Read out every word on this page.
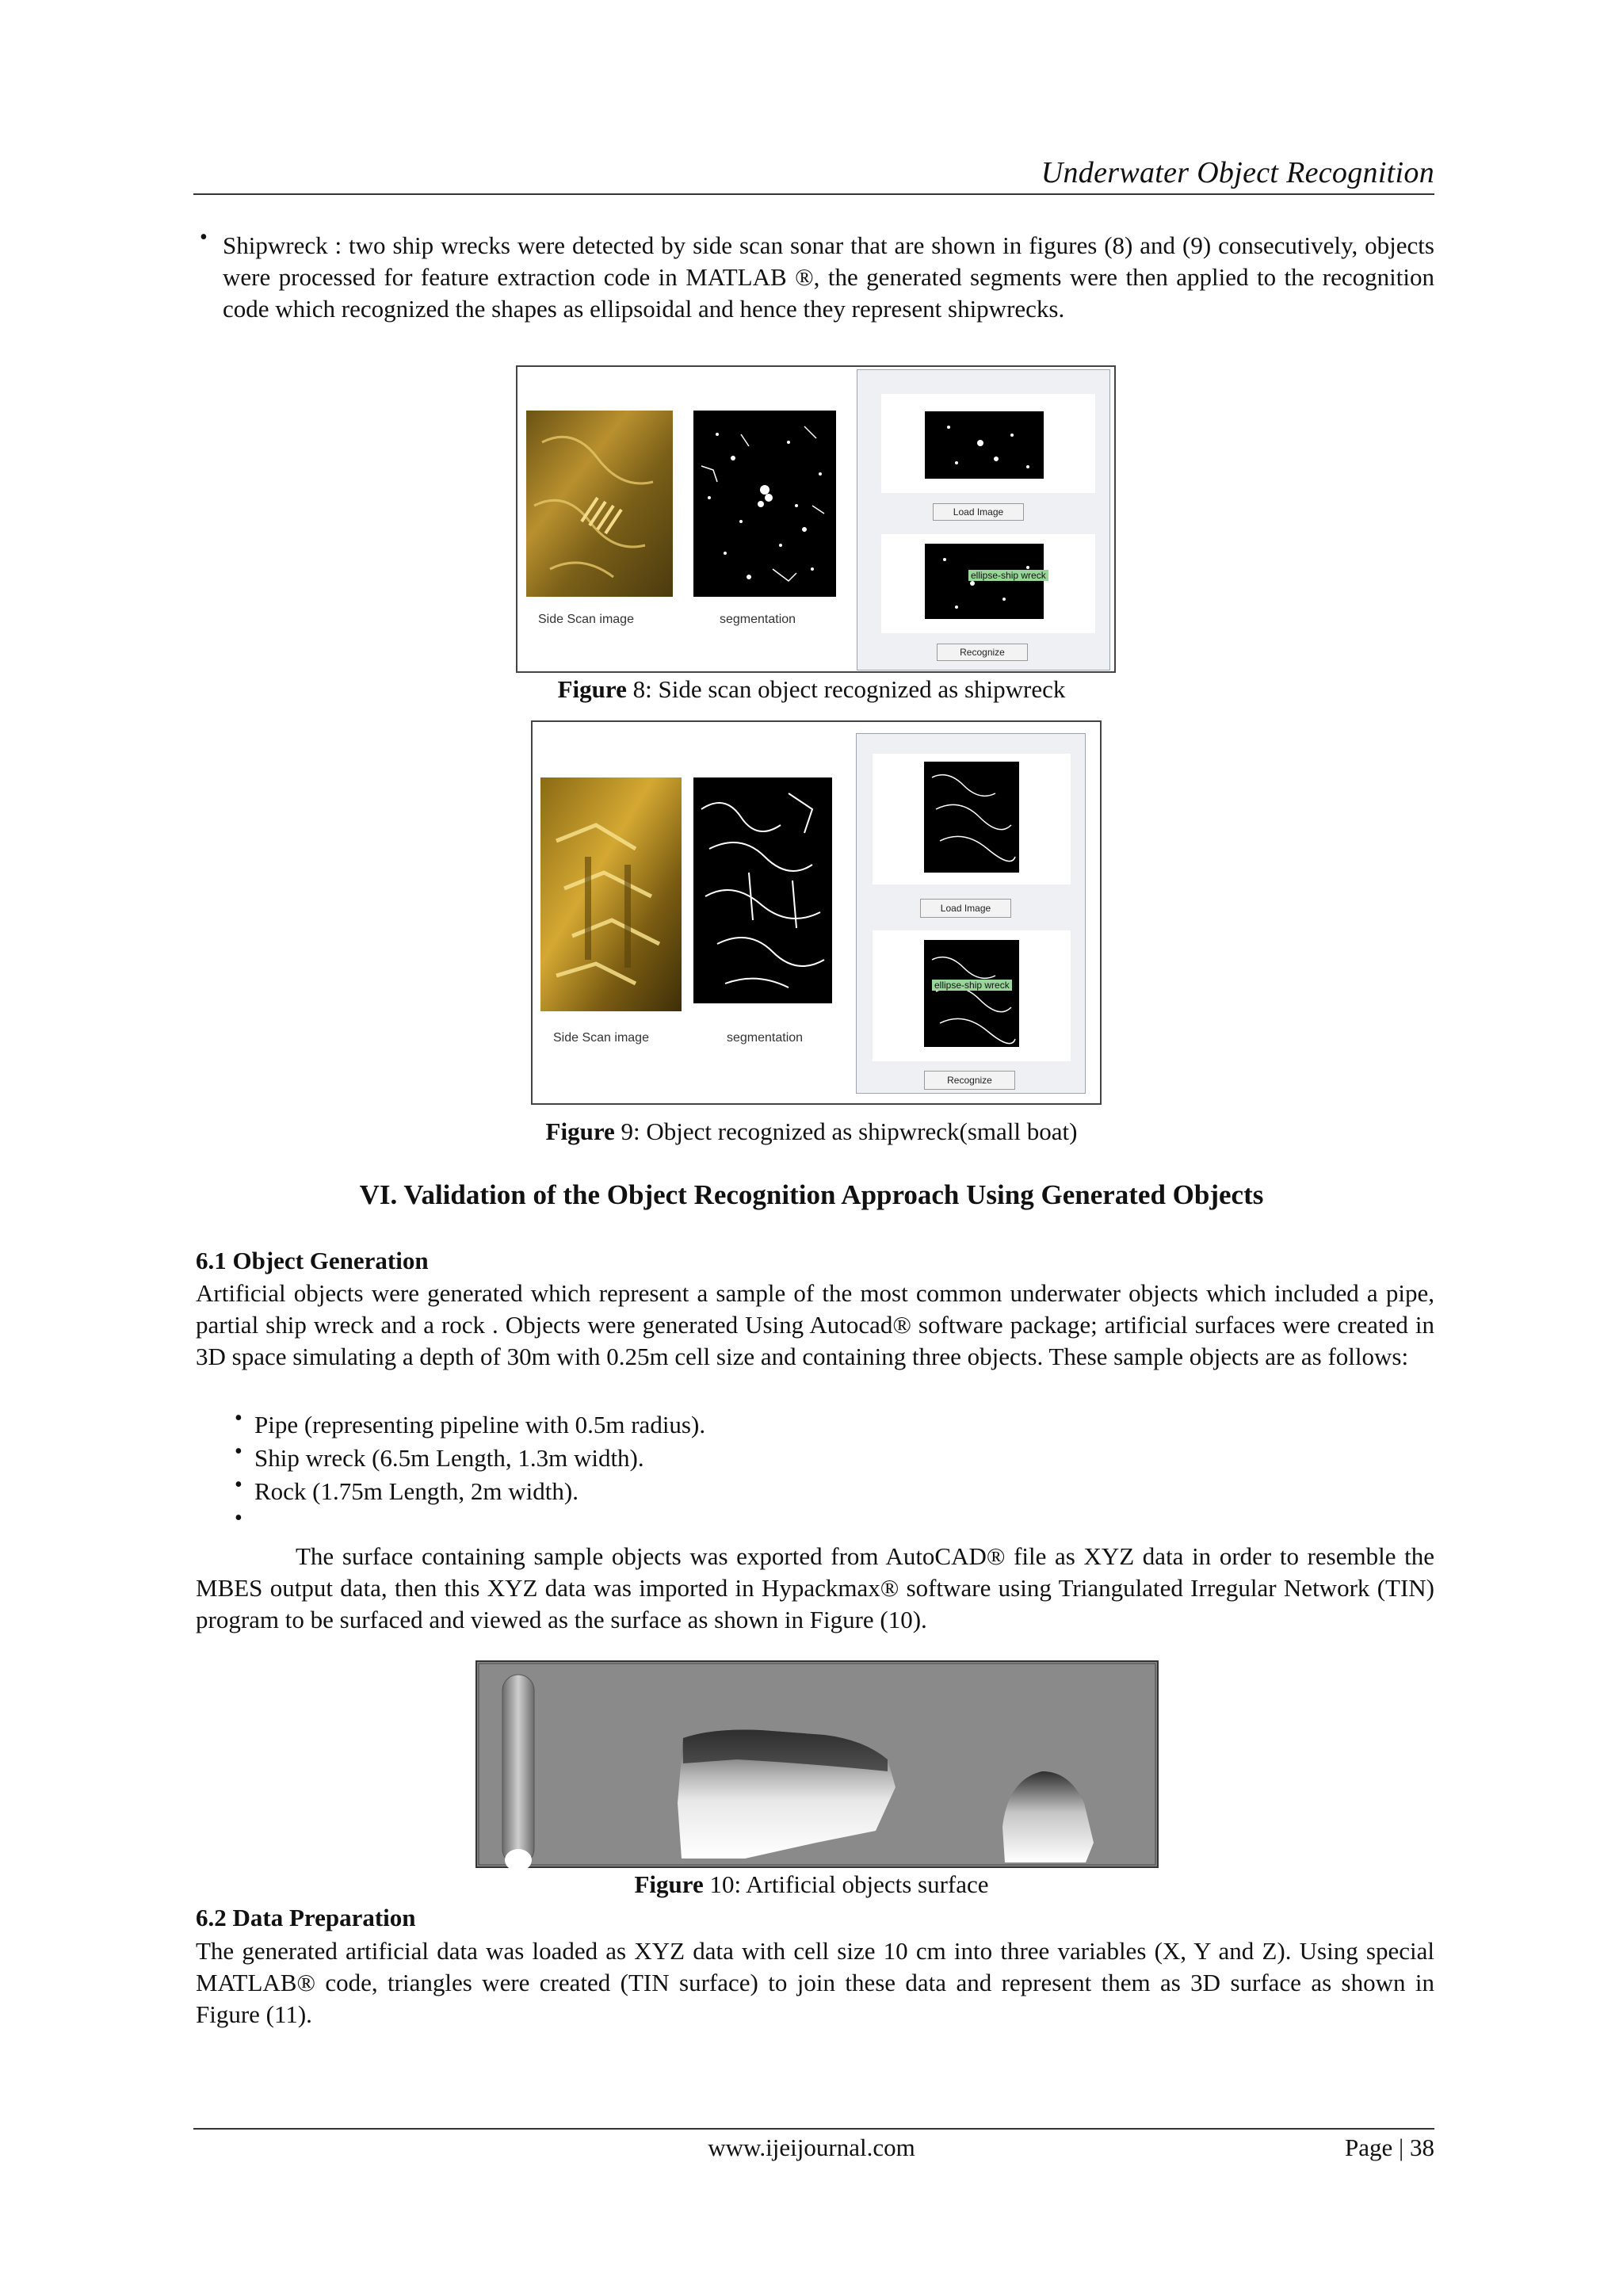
Underwater Object Recognition
• Shipwreck : two ship wrecks were detected by side scan sonar that are shown in figures (8) and (9) consecutively, objects were processed for feature extraction code in MATLAB ®, the generated segments were then applied to the recognition code which recognized the shapes as ellipsoidal and hence they represent shipwrecks.
Side Scan image	segmentation
Load Image
ellipse-ship wreck
Recognize
Figure 8: Side scan object recognized as shipwreck
Side Scan image	segmentation
Load Image
ellipse-ship wreck
Recognize
Figure 9: Object recognized as shipwreck(small boat)
VI. Validation of the Object Recognition Approach Using Generated Objects
6.1 Object Generation
Artificial objects were generated which represent a sample of the most common underwater objects which included a pipe, partial ship wreck and a rock . Objects were generated Using Autocad® software package; artificial surfaces were created in 3D space simulating a depth of 30m with 0.25m cell size and containing three objects. These sample objects are as follows:
• Pipe (representing pipeline with 0.5m radius).
• Ship wreck (6.5m Length, 1.3m width).
• Rock (1.75m Length, 2m width).
•
The surface containing sample objects was exported from AutoCAD® file as XYZ data in order to resemble the MBES output data, then this XYZ data was imported in Hypackmax® software using Triangulated Irregular Network (TIN) program to be surfaced and viewed as the surface as shown in Figure (10).
Figure 10: Artificial objects surface
6.2 Data Preparation
The generated artificial data was loaded as XYZ data with cell size 10 cm into three variables (X, Y and Z). Using special MATLAB® code, triangles were created (TIN surface) to join these data and represent them as 3D surface as shown in Figure (11).
www.ijeijournal.com	Page | 38
